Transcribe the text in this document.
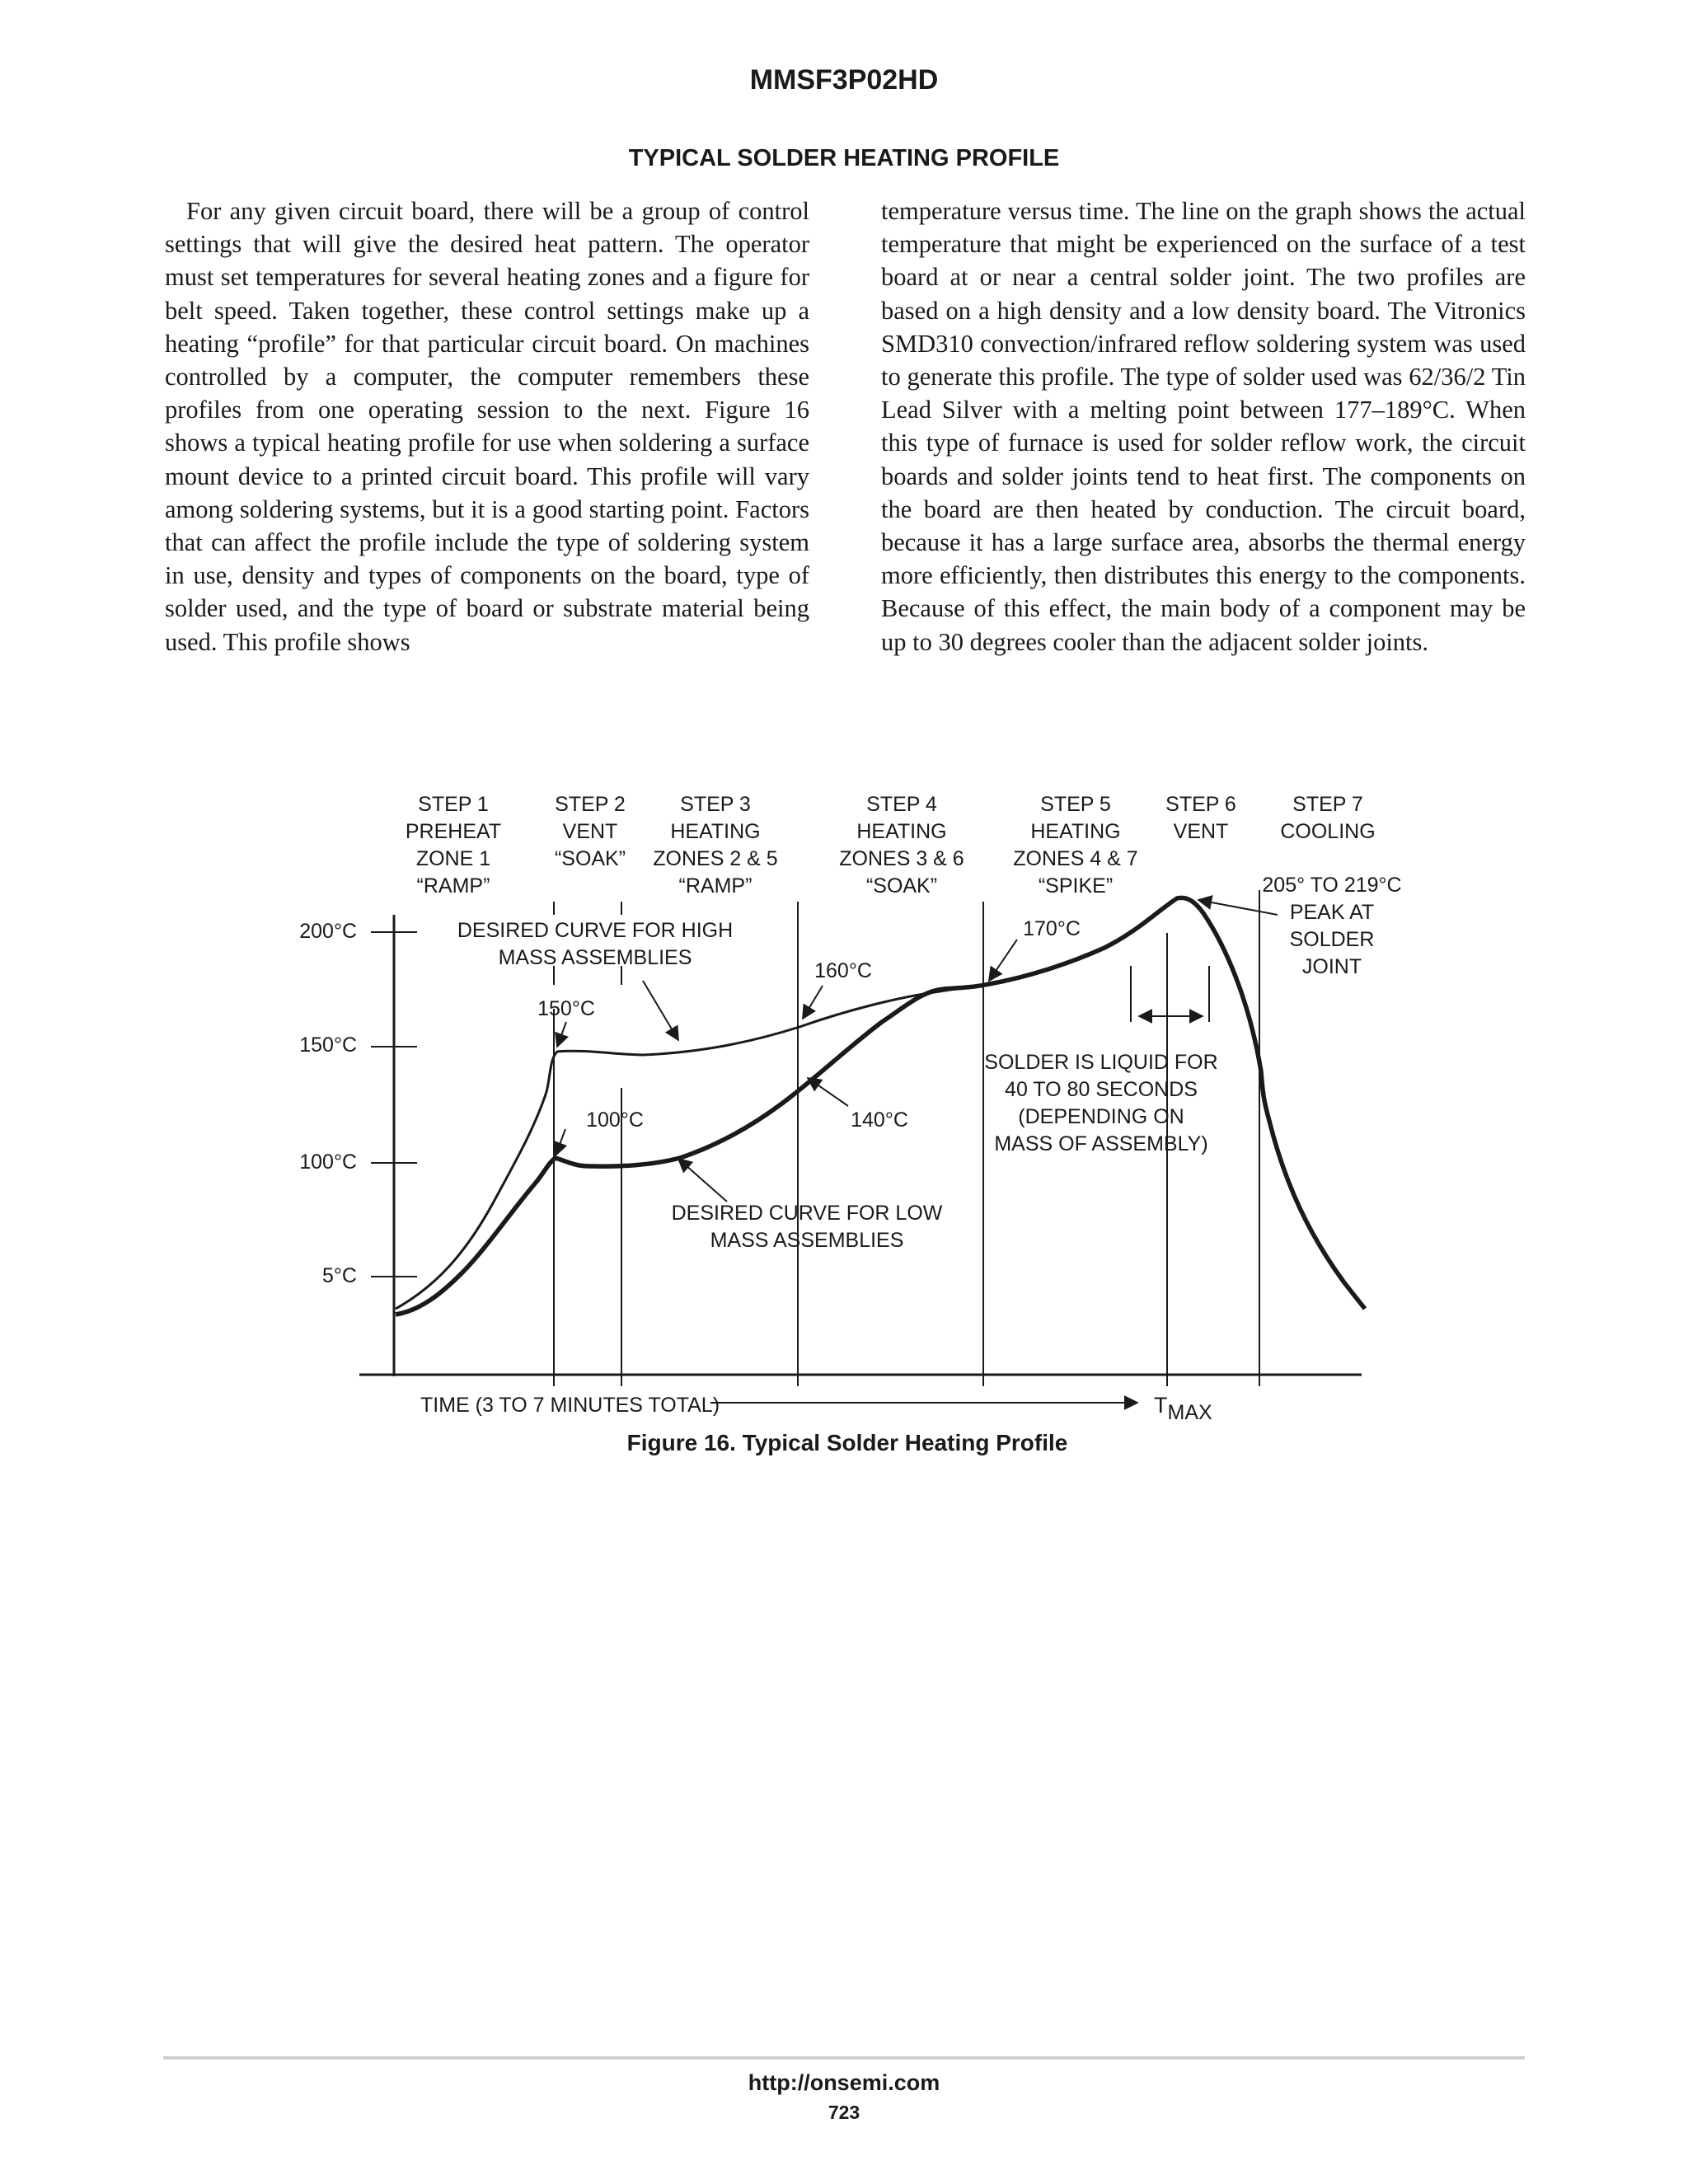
MMSF3P02HD
TYPICAL SOLDER HEATING PROFILE

For any given circuit board, there will be a group of control settings that will give the desired heat pattern. The operator must set temperatures for several heating zones and a figure for belt speed. Taken together, these control settings make up a heating “profile” for that particular circuit board. On machines controlled by a computer, the computer remembers these profiles from one operating session to the next. Figure 16 shows a typical heating profile for use when soldering a surface mount device to a printed circuit board. This profile will vary among soldering systems, but it is a good starting point. Factors that can affect the profile include the type of soldering system in use, density and types of components on the board, type of solder used, and the type of board or substrate material being used. This profile shows

temperature versus time. The line on the graph shows the actual temperature that might be experienced on the surface of a test board at or near a central solder joint. The two profiles are based on a high density and a low density board. The Vitronics SMD310 convection/infrared reflow soldering system was used to generate this profile. The type of solder used was 62/36/2 Tin Lead Silver with a melting point between 177–189°C. When this type of furnace is used for solder reflow work, the circuit boards and solder joints tend to heat first. The components on the board are then heated by conduction. The circuit board, because it has a large surface area, absorbs the thermal energy more efficiently, then distributes this energy to the components. Because of this effect, the main body of a component may be up to 30 degrees cooler than the adjacent solder joints.

STEP 1
PREHEAT
ZONE 1
“RAMP”
STEP 2
VENT
“SOAK”
STEP 3
HEATING
ZONES 2 & 5
“RAMP”
STEP 4
HEATING
ZONES 3 & 6
“SOAK”
STEP 5
HEATING
ZONES 4 & 7
“SPIKE”
STEP 6
VENT
STEP 7
COOLING
200°C
150°C
100°C
5°C
DESIRED CURVE FOR HIGH
MASS ASSEMBLIES
150°C
100°C
160°C
140°C
170°C
205° TO 219°C
PEAK AT
SOLDER
JOINT
SOLDER IS LIQUID FOR
40 TO 80 SECONDS
(DEPENDING ON
MASS OF ASSEMBLY)
DESIRED CURVE FOR LOW
MASS ASSEMBLIES
TIME (3 TO 7 MINUTES TOTAL)	TMAX
Figure 16. Typical Solder Heating Profile
http://onsemi.com
723
